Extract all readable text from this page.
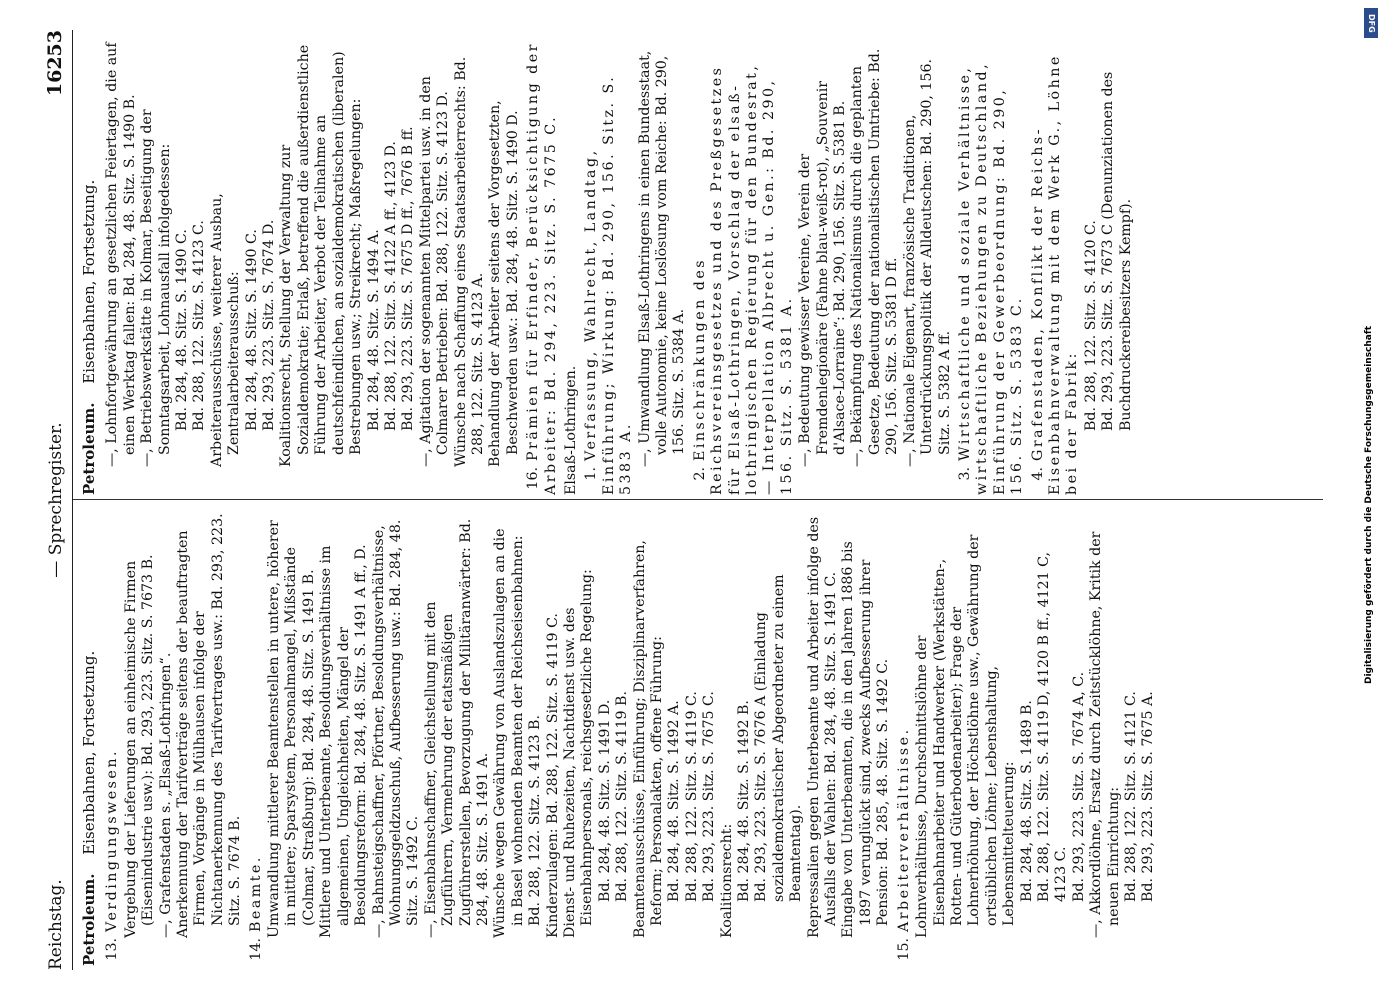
DFG
Digitalisierung gefördert durch die Deutsche Forschungsgemeinschaft
Reichstag.
— Sprechregister.
16253
Petroleum. Eisenbahnen, Fortsetzung.
13.Verdingungswesen. Vergebung der Lieferungen an einheimische Firmen (Eisenindustrie usw.): Bd. 293, 223. Sitz. S. 7673 B. —, Grafenstaden s. „Elsaß-Lothringen“. Anerkennung der Tarifverträge seitens der beauftragten Firmen, Vorgänge in Mülhausen infolge der Nichtanerkennung des Tarifvertrages usw.: Bd. 293, 223. Sitz. S. 7674 B.
14.Beamte. Umwandlung mittlerer Beamtenstellen in untere, höherer in mittlere; Sparsystem, Personalmangel, Mißstände (Colmar, Straßburg): Bd. 284, 48. Sitz. S. 1491 B. Mittlere und Unterbeamte, Besoldungsverhältnisse im allgemeinen, Ungleichheiten, Mängel der Besoldungsreform: Bd. 284, 48. Sitz. S. 1491 A ff., D. —, Bahnsteigschaffner, Pförtner, Besoldungsverhältnisse, Wohnungsgeldzuschuß, Aufbesserung usw.: Bd. 284, 48. Sitz. S. 1492 C. —, Eisenbahnschaffner, Gleichstellung mit den Zugführern, Vermehrung der etatsmäßigen Zugführerstellen, Bevorzugung der Militäranwärter: Bd. 284, 48. Sitz. S. 1491 A. Wünsche wegen Gewährung von Auslandszulagen an die in Basel wohnenden Beamten der Reichseisenbahnen: Bd. 288, 122. Sitz. S. 4123 B. Kinderzulagen: Bd. 288, 122. Sitz. S. 4119 C. Dienst- und Ruhezeiten, Nachtdienst usw. des Eisenbahnpersonals, reichsgesetzliche Regelung: Bd. 284, 48. Sitz. S. 1491 D. Bd. 288, 122. Sitz. S. 4119 B. Beamtenausschüsse, Einführung; Disziplinarverfahren, Reform; Personalakten, offene Führung: Bd. 284, 48. Sitz. S. 1492 A. Bd. 288, 122. Sitz. S. 4119 C. Bd. 293, 223. Sitz. S. 7675 C. Koalitionsrecht: Bd. 284, 48. Sitz. S. 1492 B. Bd. 293, 223. Sitz. S. 7676 A (Einladung sozialdemokratischer Abgeordneter zu einem Beamtentag). Repressalien gegen Unterbeamte und Arbeiter infolge des Ausfalls der Wahlen: Bd. 284, 48. Sitz. S. 1491 C. Eingabe von Unterbeamten, die in den Jahren 1886 bis 1897 verunglückt sind, zwecks Aufbesserung ihrer Pension: Bd. 285, 48. Sitz. S. 1492 C.
15.Arbeiterverhältnisse. Lohnverhältnisse, Durchschnittslöhne der Eisenbahnarbeiter und Handwerker (Werkstätten-, Rotten- und Güterbodenarbeiter); Frage der Lohnerhöhung, der Höchstlöhne usw., Gewährung der ortsüblichen Löhne; Lebenshaltung, Lebensmittelteuerung: Bd. 284, 48. Sitz. S. 1489 B. Bd. 288, 122. Sitz. S. 4119 D, 4120 B ff., 4121 C, 4123 C. Bd. 293, 223. Sitz. S. 7674 A, C. —, Akkordlöhne, Ersatz durch Zeitstücklöhne, Kritik der neuen Einrichtung: Bd. 288, 122. Sitz. S. 4121 C. Bd. 293, 223. Sitz. S. 7675 A.
Petroleum. Eisenbahnen, Fortsetzung. —, Lohnfortgewährung an gesetzlichen Feiertagen, die auf einen Werktag fallen: Bd. 284, 48. Sitz. S. 1490 B. —, Betriebswerkstätte in Kolmar, Beseitigung der Sonntagsarbeit, Lohnausfall infolgedessen: Bd. 284, 48. Sitz. S. 1490 C. Bd. 288, 122. Sitz. S. 4123 C. Arbeiterausschüsse, weiterer Ausbau, Zentralarbeiterausschuß: Bd. 284, 48. Sitz. S. 1490 C. Bd. 293, 223. Sitz. S. 7674 D. Koalitionsrecht, Stellung der Verwaltung zur Sozialdemokratie; Erlaß, betreffend die außerdienstliche Führung der Arbeiter, Verbot der Teilnahme an deutschfeindlichen, an sozialdemokratischen (liberalen) Bestrebungen usw.; Streikrecht; Maßregelungen: Bd. 284, 48. Sitz. S. 1494 A. Bd. 288, 122. Sitz. S. 4122 A ff., 4123 D. Bd. 293, 223. Sitz. S. 7675 D ff., 7676 B ff. —, Agitation der sogenannten Mittelpartei usw. in den Colmarer Betrieben: Bd. 288, 122. Sitz. S. 4123 D. Wünsche nach Schaffung eines Staatsarbeiterrechts: Bd. 288, 122. Sitz. S. 4123 A. Behandlung der Arbeiter seitens der Vorgesetzten, Beschwerden usw.: Bd. 284, 48. Sitz. S. 1490 D.
16.Prämien für Erfinder, Berücksichtigung der Arbeiter: Bd. 294, 223. Sitz. S. 7675 C. Elsaß-Lothringen. 1.Verfassung, Wahlrecht, Landtag, Einführung; Wirkung: Bd. 290, 156. Sitz. S. 5383 A. —, Umwandlung Elsaß-Lothringens in einen Bundesstaat, volle Autonomie, keine Loslösung vom Reiche: Bd. 290, 156. Sitz. S. 5384 A.
2.Einschränkungen des Reichsvereinsgesetzes und des Preßgesetzes für Elsaß-Lothringen, Vorschlag der elsaß-lothringischen Regierung für den Bundesrat, — Interpellation Albrecht u. Gen.: Bd. 290, 156. Sitz. S. 5381 A. —, Bedeutung gewisser Vereine, Verein der Fremdenlegionäre (Fahne blau-weiß-rot), „Souvenir d'Alsace-Lorraine“: Bd. 290, 156. Sitz. S. 5381 B. —, Bekämpfung des Nationalismus durch die geplanten Gesetze, Bedeutung der nationalistischen Umtriebe: Bd. 290, 156. Sitz. S. 5381 D ff. —, Nationale Eigenart, französische Traditionen, Unterdrückungspolitik der Alldeutschen: Bd. 290, 156. Sitz. S. 5382 A ff.
3.Wirtschaftliche und soziale Verhältnisse, wirtschaftliche Beziehungen zu Deutschland, Einführung der Gewerbeordnung: Bd. 290, 156. Sitz. S. 5383 C. 4.Grafenstaden, Konflikt der Reichs-Eisenbahnverwaltung mit dem Werk G., Löhne bei der Fabrik: Bd. 288, 122. Sitz. S. 4120 C. Bd. 293, 223. Sitz. S. 7673 C (Denunziationen des Buchdruckereibesitzers Kempf).
